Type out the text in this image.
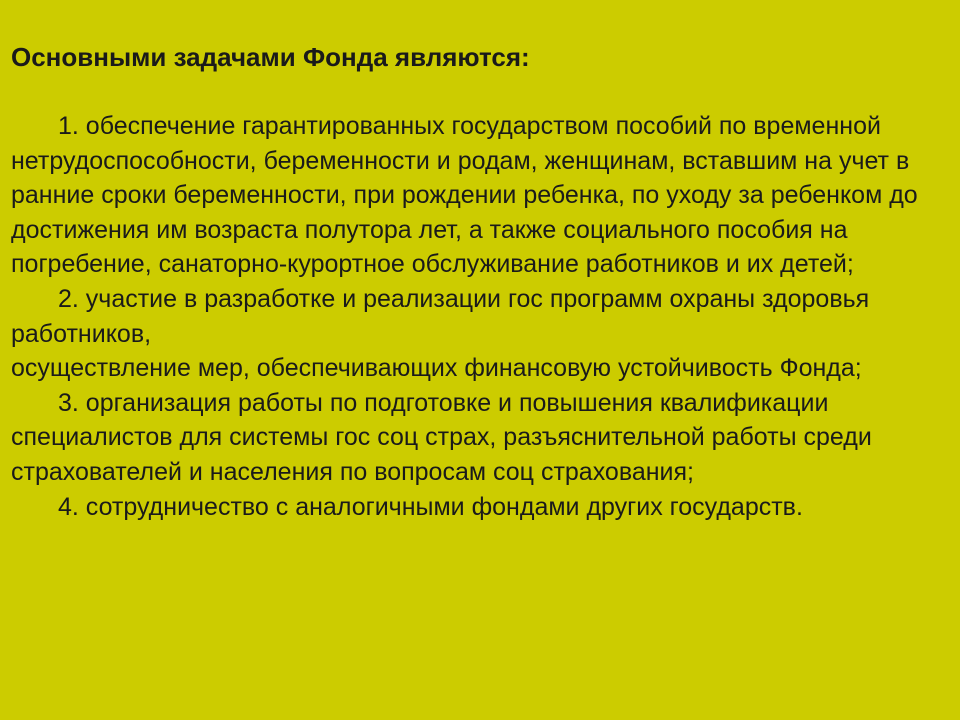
Основными задачами Фонда являются:

1. обеспечение гарантированных государством пособий по временной нетрудоспособности, беременности и родам, женщинам, вставшим на учет в ранние сроки беременности, при рождении ребенка, по уходу за ребенком до достижения им возраста полутора лет, а также социального пособия на погребение, санаторно-курортное обслуживание работников и их детей;

2. участие в разработке и реализации гос программ охраны здоровья работников,

осуществление мер, обеспечивающих финансовую устойчивость Фонда;

3. организация работы по подготовке и повышения квалификации специалистов для системы гос соц страх, разъяснительной работы среди страхователей и населения по вопросам соц страхования;

4. сотрудничество с аналогичными фондами других государств.
